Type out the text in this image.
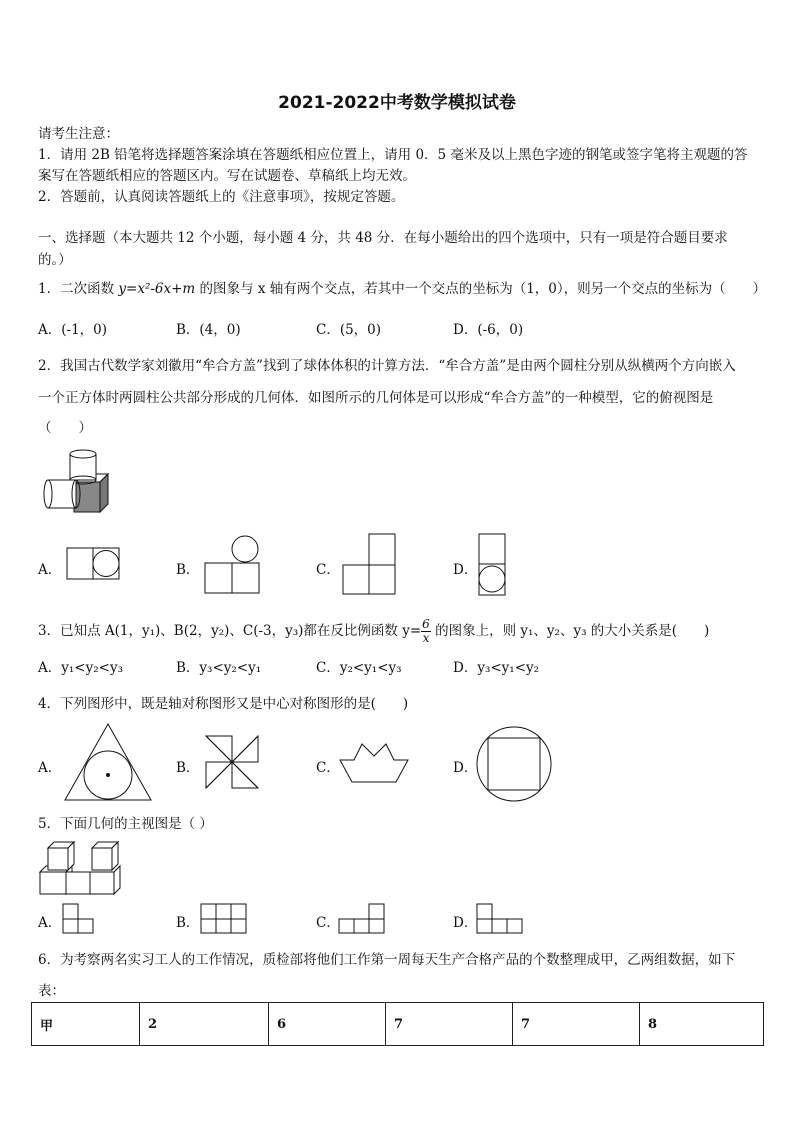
2021-2022中考数学模拟试卷
请考生注意：
1．请用 2B 铅笔将选择题答案涂填在答题纸相应位置上，请用 0．5 毫米及以上黑色字迹的钢笔或签字笔将主观题的答
案写在答题纸相应的答题区内。写在试题卷、草稿纸上均无效。
2．答题前，认真阅读答题纸上的《注意事项》，按规定答题。
一、选择题（本大题共 12 个小题，每小题 4 分，共 48 分．在每小题给出的四个选项中，只有一项是符合题目要求
的。）
1．二次函数 y=x²-6x+m 的图象与 x 轴有两个交点，若其中一个交点的坐标为（1，0），则另一个交点的坐标为（　　）
A．(-1，0)	B．(4，0)	C．(5，0)	D．(-6，0)
2．我国古代数学家刘徽用“牟合方盖”找到了球体体积的计算方法．“牟合方盖”是由两个圆柱分别从纵横两个方向嵌入
一个正方体时两圆柱公共部分形成的几何体．如图所示的几何体是可以形成“牟合方盖”的一种模型，它的俯视图是
（　　）
A．	B．	C．	D．
3．已知点 A(1，y₁)、B(2，y₂)、C(-3，y₃)都在反比例函数 $y= \frac{6}{x}$ 的图象上，则 y₁、y₂、y₃ 的大小关系是(　　)
A．y₁<y₂<y₃	B．y₃<y₂<y₁	C．y₂<y₁<y₃	D．y₃<y₁<y₂
4．下列图形中，既是轴对称图形又是中心对称图形的是(　　)
A．	B．	C．	D．
5．下面几何的主视图是（ ）
A．	B．	C．	D．
6．为考察两名实习工人的工作情况，质检部将他们工作第一周每天生产合格产品的个数整理成甲，乙两组数据，如下
表：
甲	2	6	7	7	8
